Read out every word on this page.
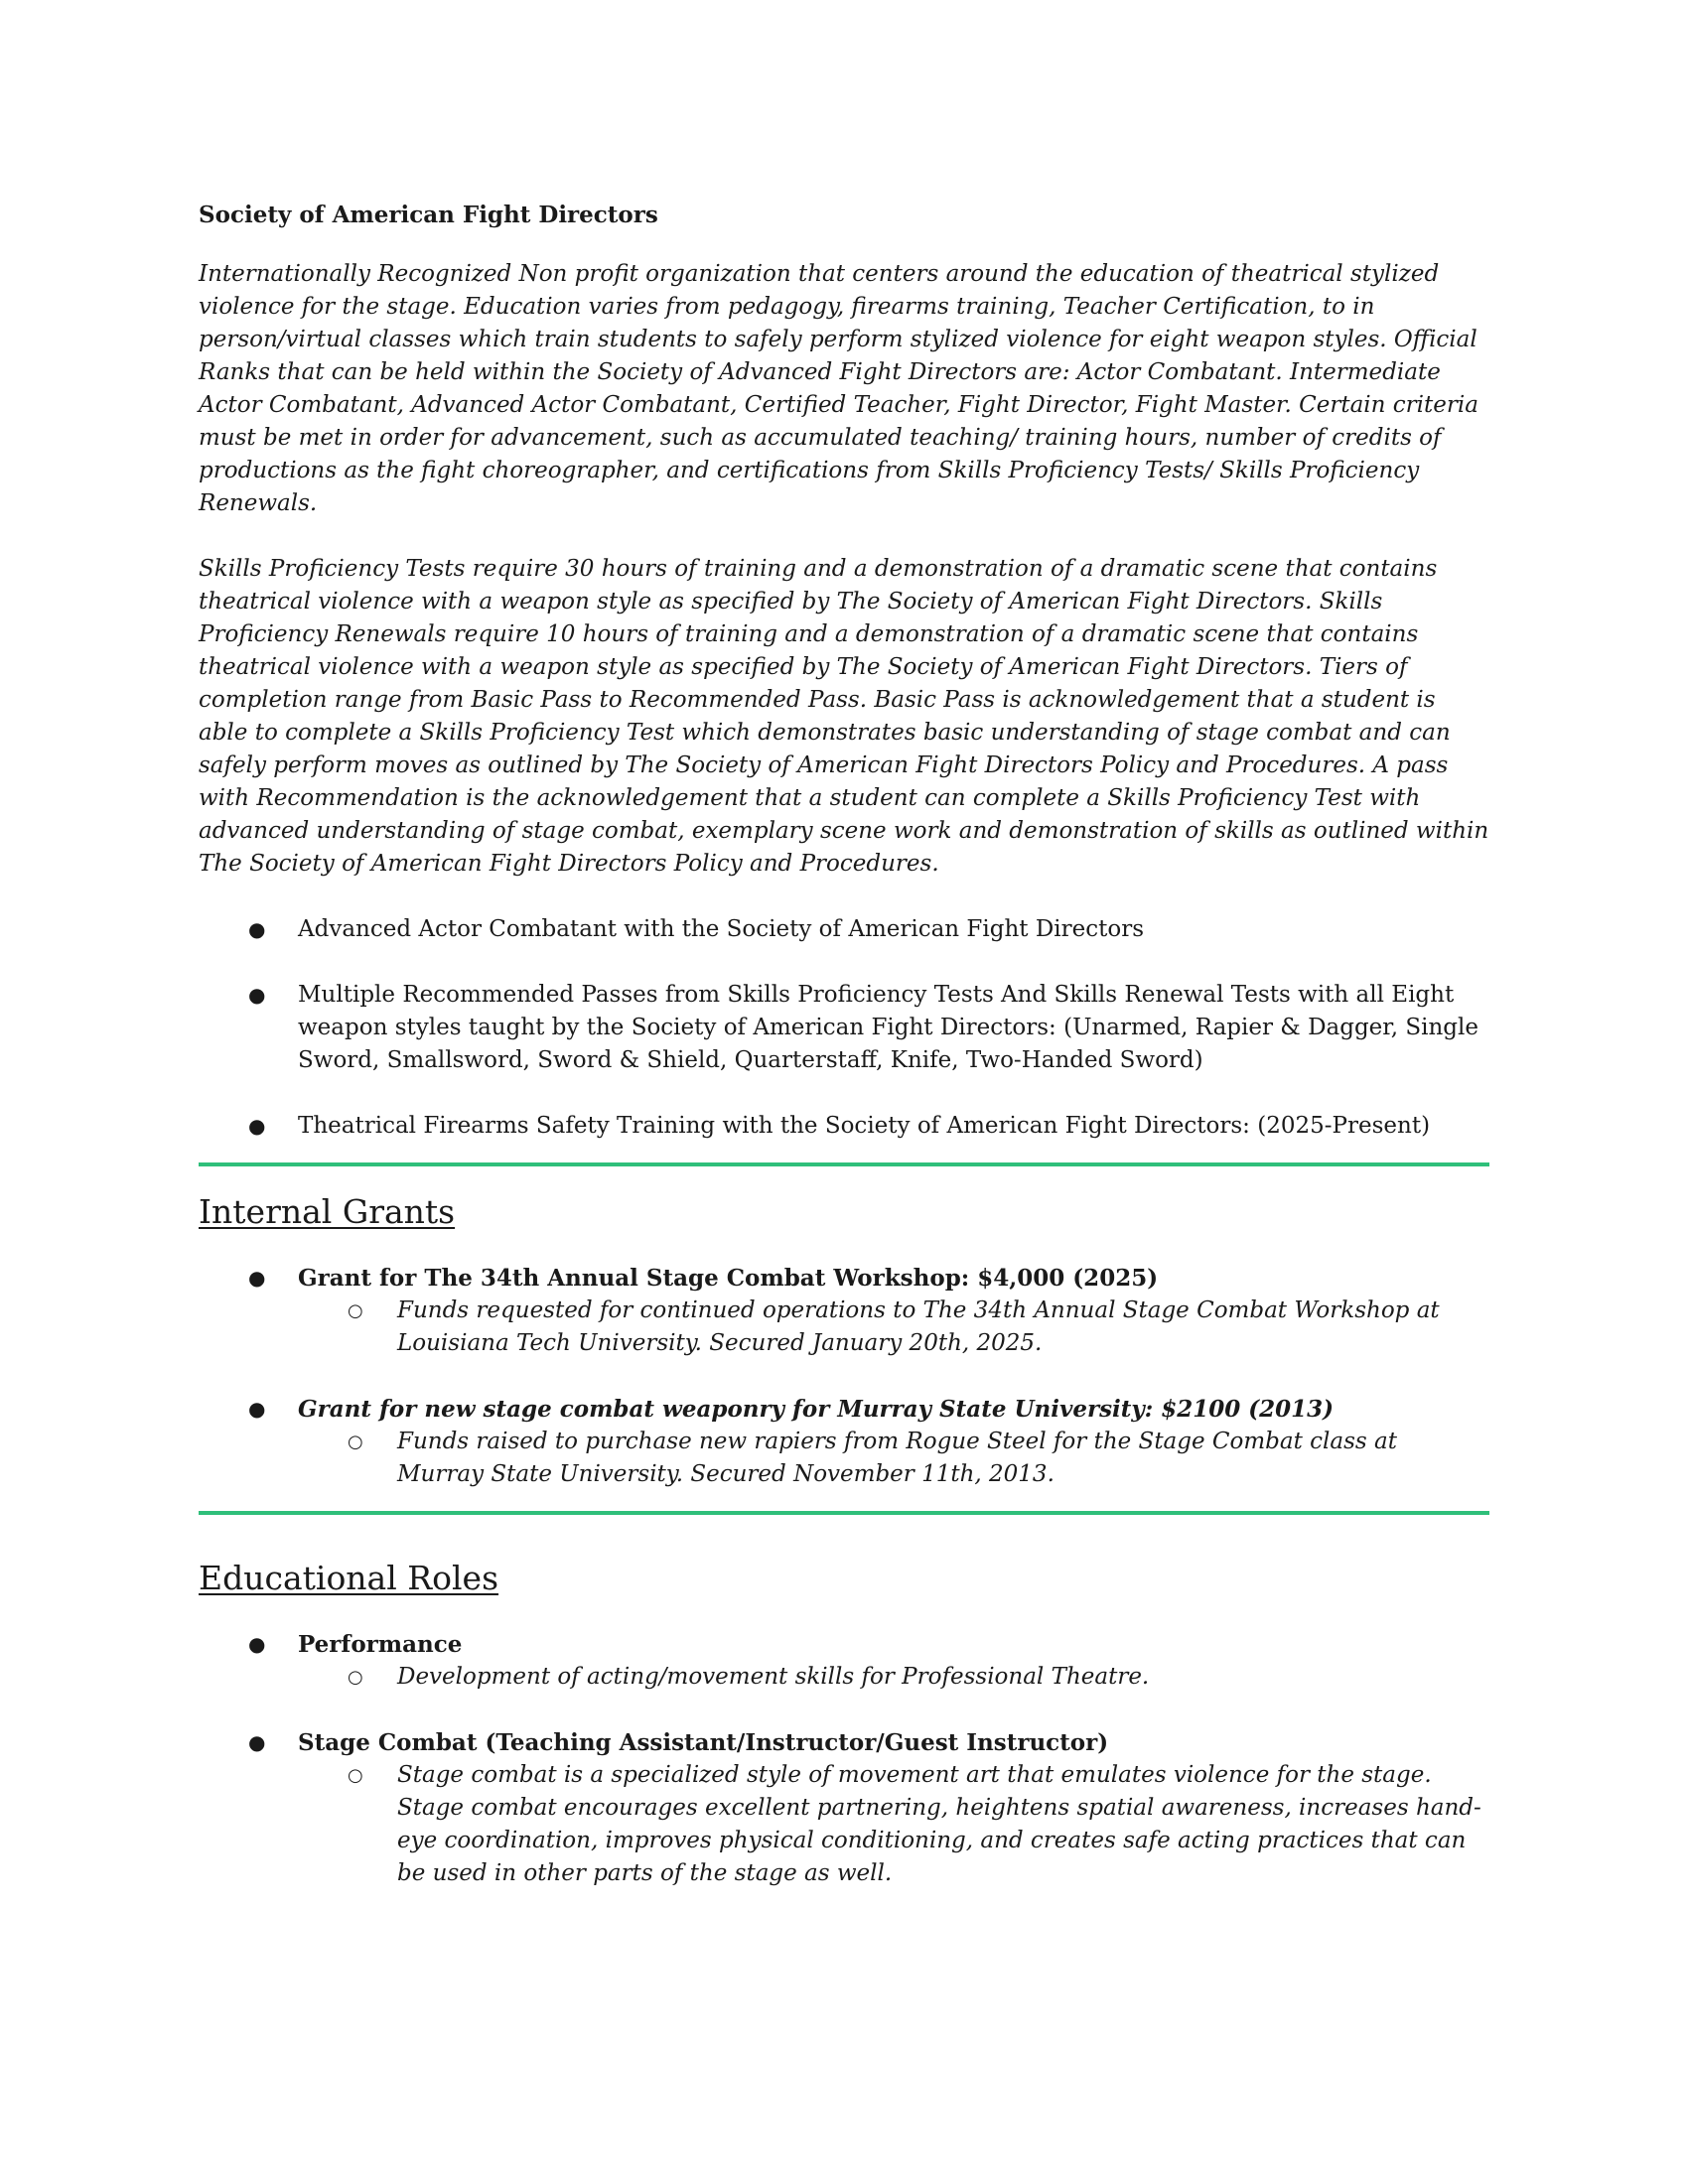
Society of American Fight Directors

Internationally Recognized Non profit organization that centers around the education of theatrical stylized violence for the stage. Education varies from pedagogy, firearms training, Teacher Certification, to in person/virtual classes which train students to safely perform stylized violence for eight weapon styles. Official Ranks that can be held within the Society of Advanced Fight Directors are: Actor Combatant. Intermediate Actor Combatant, Advanced Actor Combatant, Certified Teacher, Fight Director, Fight Master. Certain criteria must be met in order for advancement, such as accumulated teaching/ training hours, number of credits of productions as the fight choreographer, and certifications from Skills Proficiency Tests/ Skills Proficiency Renewals.

Skills Proficiency Tests require 30 hours of training and a demonstration of a dramatic scene that contains theatrical violence with a weapon style as specified by The Society of American Fight Directors. Skills Proficiency Renewals require 10 hours of training and a demonstration of a dramatic scene that contains theatrical violence with a weapon style as specified by The Society of American Fight Directors. Tiers of completion range from Basic Pass to Recommended Pass. Basic Pass is acknowledgement that a student is able to complete a Skills Proficiency Test which demonstrates basic understanding of stage combat and can safely perform moves as outlined by The Society of American Fight Directors Policy and Procedures. A pass with Recommendation is the acknowledgement that a student can complete a Skills Proficiency Test with advanced understanding of stage combat, exemplary scene work and demonstration of skills as outlined within The Society of American Fight Directors Policy and Procedures.

● Advanced Actor Combatant with the Society of American Fight Directors
● Multiple Recommended Passes from Skills Proficiency Tests And Skills Renewal Tests with all Eight weapon styles taught by the Society of American Fight Directors: (Unarmed, Rapier & Dagger, Single Sword, Smallsword, Sword & Shield, Quarterstaff, Knife, Two-Handed Sword)
● Theatrical Firearms Safety Training with the Society of American Fight Directors: (2025-Present)
Internal Grants
● Grant for The 34th Annual Stage Combat Workshop: $4,000 (2025)
○	Funds requested for continued operations to The 34th Annual Stage Combat Workshop at Louisiana Tech University. Secured January 20th, 2025.
● Grant for new stage combat weaponry for Murray State University: $2100 (2013)
○	Funds raised to purchase new rapiers from Rogue Steel for the Stage Combat class at Murray State University. Secured November 11th, 2013.
Educational Roles
● Performance
○	Development of acting/movement skills for Professional Theatre.
● Stage Combat (Teaching Assistant/Instructor/Guest Instructor)
○	Stage combat is a specialized style of movement art that emulates violence for the stage. Stage combat encourages excellent partnering, heightens spatial awareness, increases hand-eye coordination, improves physical conditioning, and creates safe acting practices that can be used in other parts of the stage as well.
